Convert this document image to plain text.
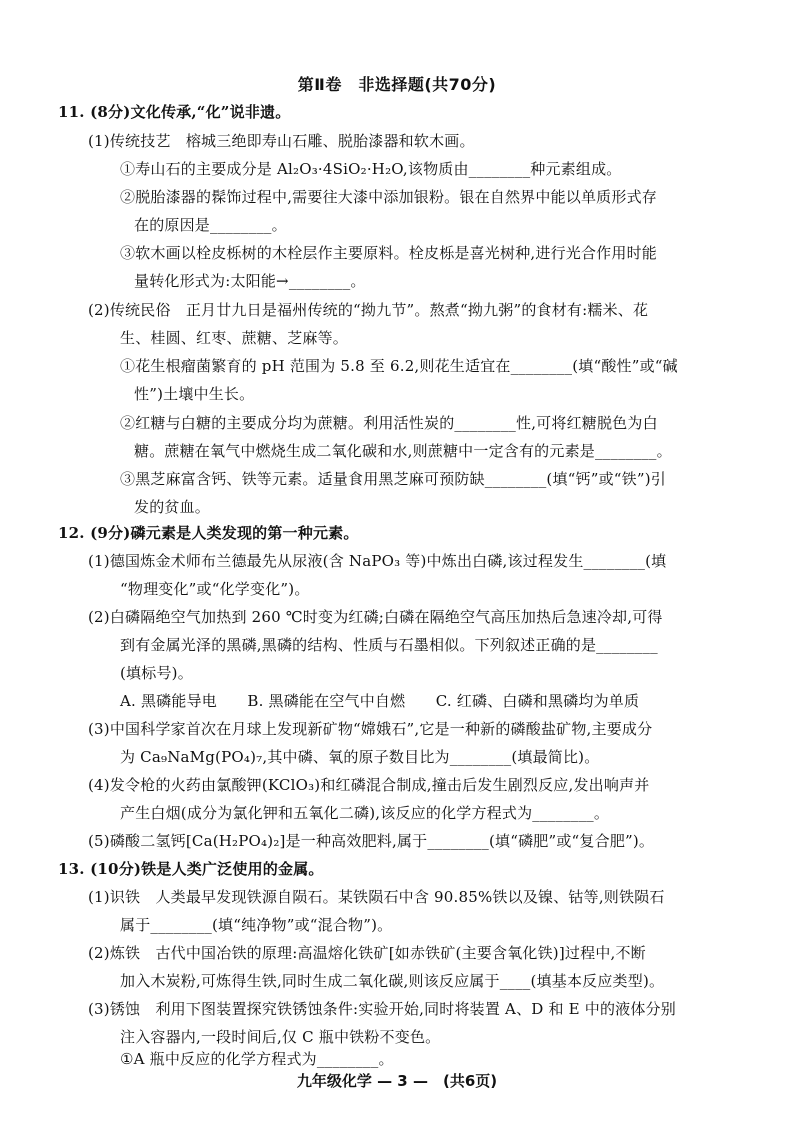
第Ⅱ卷　非选择题(共70分)
11. (8分)文化传承,“化”说非遗。
(1)传统技艺　榕城三绝即寿山石雕、脱胎漆器和软木画。
①寿山石的主要成分是 Al₂O₃·4SiO₂·H₂O,该物质由________种元素组成。
②脱胎漆器的髹饰过程中,需要往大漆中添加银粉。银在自然界中能以单质形式存
在的原因是________。
③软木画以栓皮栎树的木栓层作主要原料。栓皮栎是喜光树种,进行光合作用时能
量转化形式为:太阳能→________。
(2)传统民俗　正月廿九日是福州传统的“拗九节”。熬煮“拗九粥”的食材有:糯米、花
生、桂圆、红枣、蔗糖、芝麻等。
①花生根瘤菌繁育的 pH 范围为 5.8 至 6.2,则花生适宜在________(填“酸性”或“碱
性”)土壤中生长。
②红糖与白糖的主要成分均为蔗糖。利用活性炭的________性,可将红糖脱色为白
糖。蔗糖在氧气中燃烧生成二氧化碳和水,则蔗糖中一定含有的元素是________。
③黑芝麻富含钙、铁等元素。适量食用黑芝麻可预防缺________(填“钙”或“铁”)引
发的贫血。
12. (9分)磷元素是人类发现的第一种元素。
(1)德国炼金术师布兰德最先从尿液(含 NaPO₃ 等)中炼出白磷,该过程发生________(填
“物理变化”或“化学变化”)。
(2)白磷隔绝空气加热到 260 ℃时变为红磷;白磷在隔绝空气高压加热后急速冷却,可得
到有金属光泽的黑磷,黑磷的结构、性质与石墨相似。下列叙述正确的是________
(填标号)。
A. 黑磷能导电　　B. 黑磷能在空气中自燃　　C. 红磷、白磷和黑磷均为单质
(3)中国科学家首次在月球上发现新矿物“嫦娥石”,它是一种新的磷酸盐矿物,主要成分
为 Ca₉NaMg(PO₄)₇,其中磷、氧的原子数目比为________(填最简比)。
(4)发令枪的火药由氯酸钾(KClO₃)和红磷混合制成,撞击后发生剧烈反应,发出响声并
产生白烟(成分为氯化钾和五氧化二磷),该反应的化学方程式为________。
(5)磷酸二氢钙[Ca(H₂PO₄)₂]是一种高效肥料,属于________(填“磷肥”或“复合肥”)。
13. (10分)铁是人类广泛使用的金属。
(1)识铁　人类最早发现铁源自陨石。某铁陨石中含 90.85%铁以及镍、钴等,则铁陨石
属于________(填“纯净物”或“混合物”)。
(2)炼铁　古代中国冶铁的原理:高温熔化铁矿[如赤铁矿(主要含氧化铁)]过程中,不断
加入木炭粉,可炼得生铁,同时生成二氧化碳,则该反应属于____(填基本反应类型)。
(3)锈蚀　利用下图装置探究铁锈蚀条件:实验开始,同时将装置 A、D 和 E 中的液体分别
注入容器内,一段时间后,仅 C 瓶中铁粉不变色。
①A 瓶中反应的化学方程式为________。
九年级化学 — 3 —　(共6页)
